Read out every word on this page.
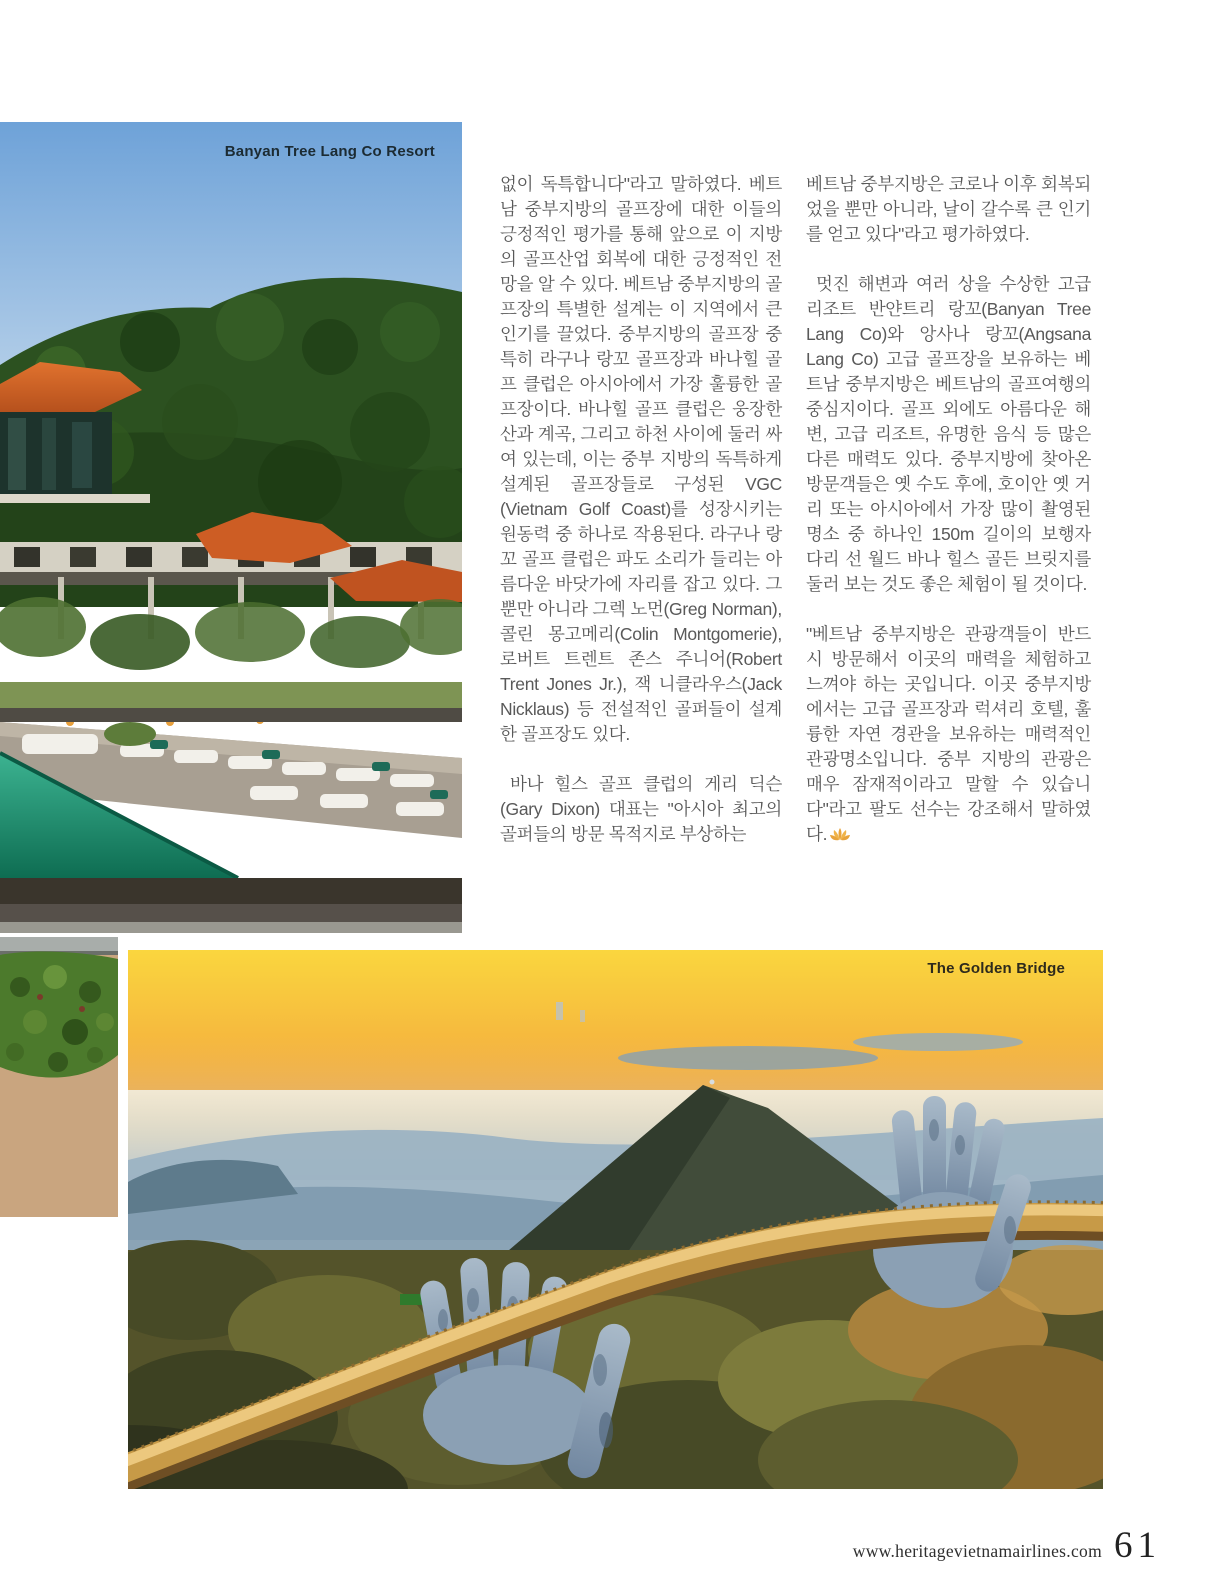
Banyan Tree Lang Co Resort

없이 독특합니다"라고 말하였다. 베트남 중부지방의 골프장에 대한 이들의 긍정적인 평가를 통해 앞으로 이 지방의 골프산업 회복에 대한 긍정적인 전망을 알 수 있다. 베트남 중부지방의 골프장의 특별한 설계는 이 지역에서 큰 인기를 끌었다. 중부지방의 골프장 중 특히 라구나 랑꼬 골프장과 바나힐 골프 클럽은 아시아에서 가장 훌륭한 골프장이다. 바나힐 골프 클럽은 웅장한 산과 계곡, 그리고 하천 사이에 둘러 싸여 있는데, 이는 중부 지방의 독특하게 설계된 골프장들로 구성된 VGC (Vietnam Golf Coast)를 성장시키는 원동력 중 하나로 작용된다. 라구나 랑꼬 골프 클럽은 파도 소리가 들리는 아름다운 바닷가에 자리를 잡고 있다. 그뿐만 아니라 그렉 노먼(Greg Norman), 콜린 몽고메리(Colin Montgomerie), 로버트 트렌트 존스 주니어(Robert Trent Jones Jr.), 잭 니클라우스(Jack Nicklaus) 등 전설적인 골퍼들이 설계한 골프장도 있다.

바나 힐스 골프 클럽의 게리 딕슨 (Gary Dixon) 대표는 "아시아 최고의 골퍼들의 방문 목적지로 부상하는

베트남 중부지방은 코로나 이후 회복되었을 뿐만 아니라, 날이 갈수록 큰 인기를 얻고 있다"라고 평가하였다.

멋진 해변과 여러 상을 수상한 고급 리조트 반얀트리 랑꼬(Banyan Tree Lang Co)와 앙사나 랑꼬(Angsana Lang Co) 고급 골프장을 보유하는 베트남 중부지방은 베트남의 골프여행의 중심지이다. 골프 외에도 아름다운 해변, 고급 리조트, 유명한 음식 등 많은 다른 매력도 있다. 중부지방에 찾아온 방문객들은 옛 수도 후에, 호이안 옛 거리 또는 아시아에서 가장 많이 촬영된 명소 중 하나인 150m 길이의 보행자 다리 선 월드 바나 힐스 골든 브릿지를 둘러 보는 것도 좋은 체험이 될 것이다.

"베트남 중부지방은 관광객들이 반드시 방문해서 이곳의 매력을 체험하고 느껴야 하는 곳입니다. 이곳 중부지방에서는 고급 골프장과 럭셔리 호텔, 훌륭한 자연 경관을 보유하는 매력적인 관광명소입니다. 중부 지방의 관광은 매우 잠재적이라고 말할 수 있습니다"라고 팔도 선수는 강조해서 말하였다.

The Golden Bridge
www.heritagevietnamairlines.com 61
